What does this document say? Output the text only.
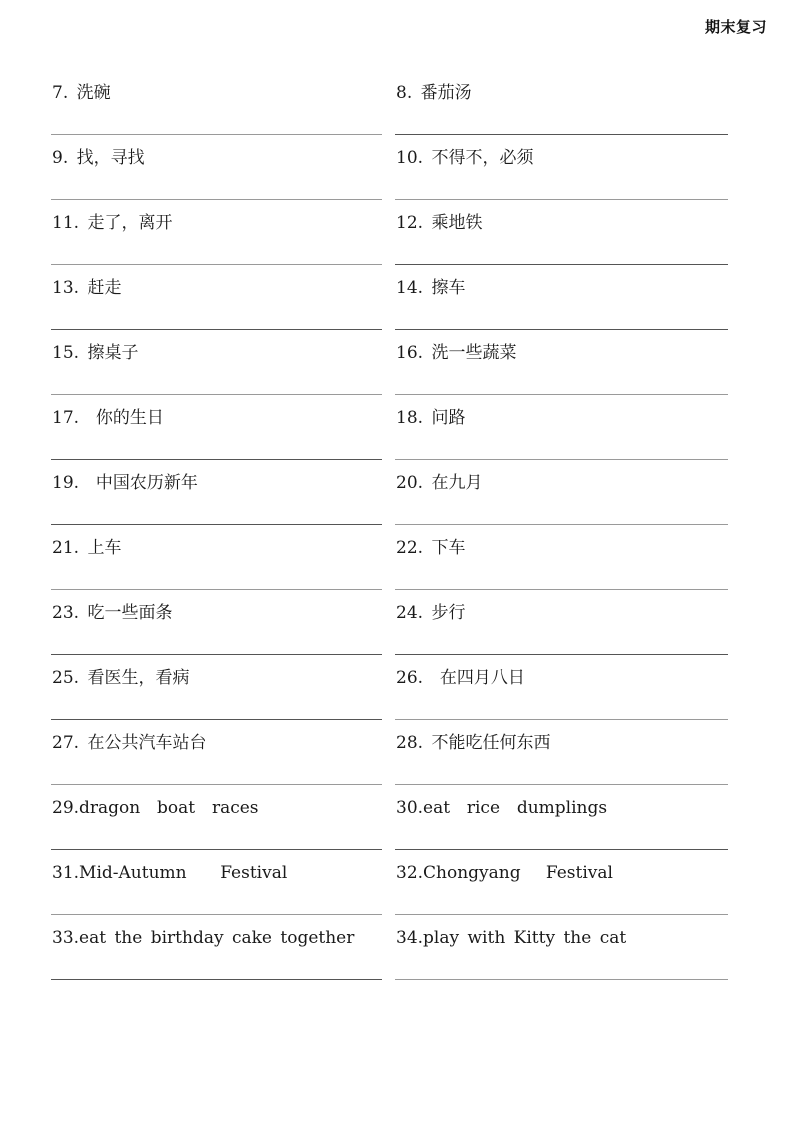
期末复习
7. 洗碗
9. 找，寻找
11. 走了，离开
13. 赶走
15. 擦桌子
17.  你的生日
19.  中国农历新年
21. 上车
23. 吃一些面条
25. 看医生，看病
27. 在公共汽车站台
29.dragon  boat  races
31.Mid-Autumn    Festival
33.eat the birthday cake together
8. 番茄汤
10. 不得不，必须
12. 乘地铁
14. 擦车
16. 洗一些蔬菜
18. 问路
20. 在九月
22. 下车
24. 步行
26.  在四月八日
28. 不能吃任何东西
30.eat  rice  dumplings
32.Chongyang   Festival
34.play with Kitty the cat
